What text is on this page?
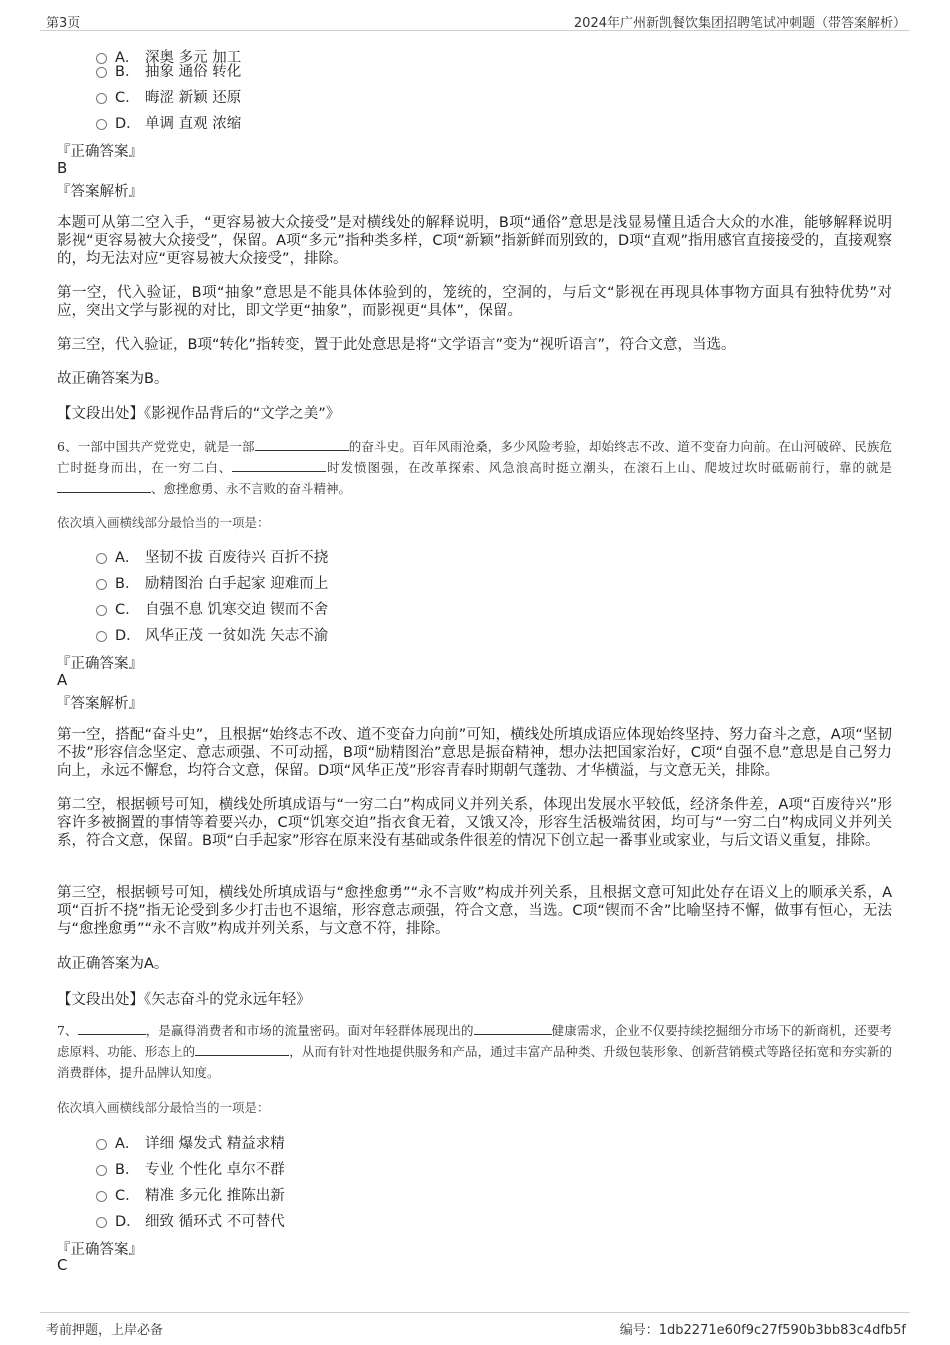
第3页	2024年广州新凯餐饮集团招聘笔试冲刺题（带答案解析）
A． 深奥 多元 加工
B． 抽象 通俗 转化
C． 晦涩 新颖 还原
D． 单调 直观 浓缩
『正确答案』
B
『答案解析』

本题可从第二空入手，“更容易被大众接受”是对横线处的解释说明，B项“通俗”意思是浅显易懂且适合大众的水准，能够解释说明影视“更容易被大众接受”，保留。A项“多元”指种类多样，C项“新颖”指新鲜而别致的，D项“直观”指用感官直接接受的，直接观察的，均无法对应“更容易被大众接受”，排除。

第一空，代入验证，B项“抽象”意思是不能具体体验到的，笼统的，空洞的，与后文“影视在再现具体事物方面具有独特优势”对应，突出文学与影视的对比，即文学更“抽象”，而影视更“具体”，保留。

第三空，代入验证，B项“转化”指转变，置于此处意思是将“文学语言”变为“视听语言”，符合文意，当选。

故正确答案为B。

【文段出处】《影视作品背后的“文学之美”》

6、一部中国共产党党史，就是一部	的奋斗史。百年风雨沧桑，多少风险考验，却始终志不改、道不变奋力向前。在山河破碎、民族危亡时挺身而出，在一穷二白、	时发愤图强，在改革探索、风急浪高时挺立潮头，在滚石上山、爬坡过坎时砥砺前行，靠的就是、愈挫愈勇、永不言败的奋斗精神。

依次填入画横线部分最恰当的一项是：
A． 坚韧不拔 百废待兴 百折不挠
B． 励精图治 白手起家 迎难而上
C． 自强不息 饥寒交迫 锲而不舍
D． 风华正茂 一贫如洗 矢志不渝
『正确答案』
A
『答案解析』

第一空，搭配“奋斗史”，且根据“始终志不改、道不变奋力向前”可知，横线处所填成语应体现始终坚持、努力奋斗之意，A项“坚韧不拔”形容信念坚定、意志顽强、不可动摇，B项“励精图治”意思是振奋精神，想办法把国家治好，C项“自强不息”意思是自己努力向上，永远不懈怠，均符合文意，保留。D项“风华正茂”形容青春时期朝气蓬勃、才华横溢，与文意无关，排除。

第二空，根据顿号可知，横线处所填成语与“一穷二白”构成同义并列关系，体现出发展水平较低，经济条件差，A项“百废待兴”形容许多被搁置的事情等着要兴办，C项“饥寒交迫”指衣食无着，又饿又冷，形容生活极端贫困，均可与“一穷二白”构成同义并列关系，符合文意，保留。B项“白手起家”形容在原来没有基础或条件很差的情况下创立起一番事业或家业，与后文语义重复，排除。

第三空，根据顿号可知，横线处所填成语与“愈挫愈勇”“永不言败”构成并列关系，且根据文意可知此处存在语义上的顺承关系，A项“百折不挠”指无论受到多少打击也不退缩，形容意志顽强，符合文意，当选。C项“锲而不舍”比喻坚持不懈，做事有恒心，无法与“愈挫愈勇”“永不言败”构成并列关系，与文意不符，排除。

故正确答案为A。

【文段出处】《矢志奋斗的党永远年轻》

7、	，是赢得消费者和市场的流量密码。面对年轻群体展现出的	健康需求，企业不仅要持续挖掘细分市场下的新商机，还要考虑原料、功能、形态上的	，从而有针对性地提供服务和产品，通过丰富产品种类、升级包装形象、创新营销模式等路径拓宽和夯实新的消费群体，提升品牌认知度。

依次填入画横线部分最恰当的一项是：
A． 详细 爆发式 精益求精
B． 专业 个性化 卓尔不群
C． 精准 多元化 推陈出新
D． 细致 循环式 不可替代
『正确答案』
C
考前押题，上岸必备	编号：1db2271e60f9c27f590b3bb83c4dfb5f
